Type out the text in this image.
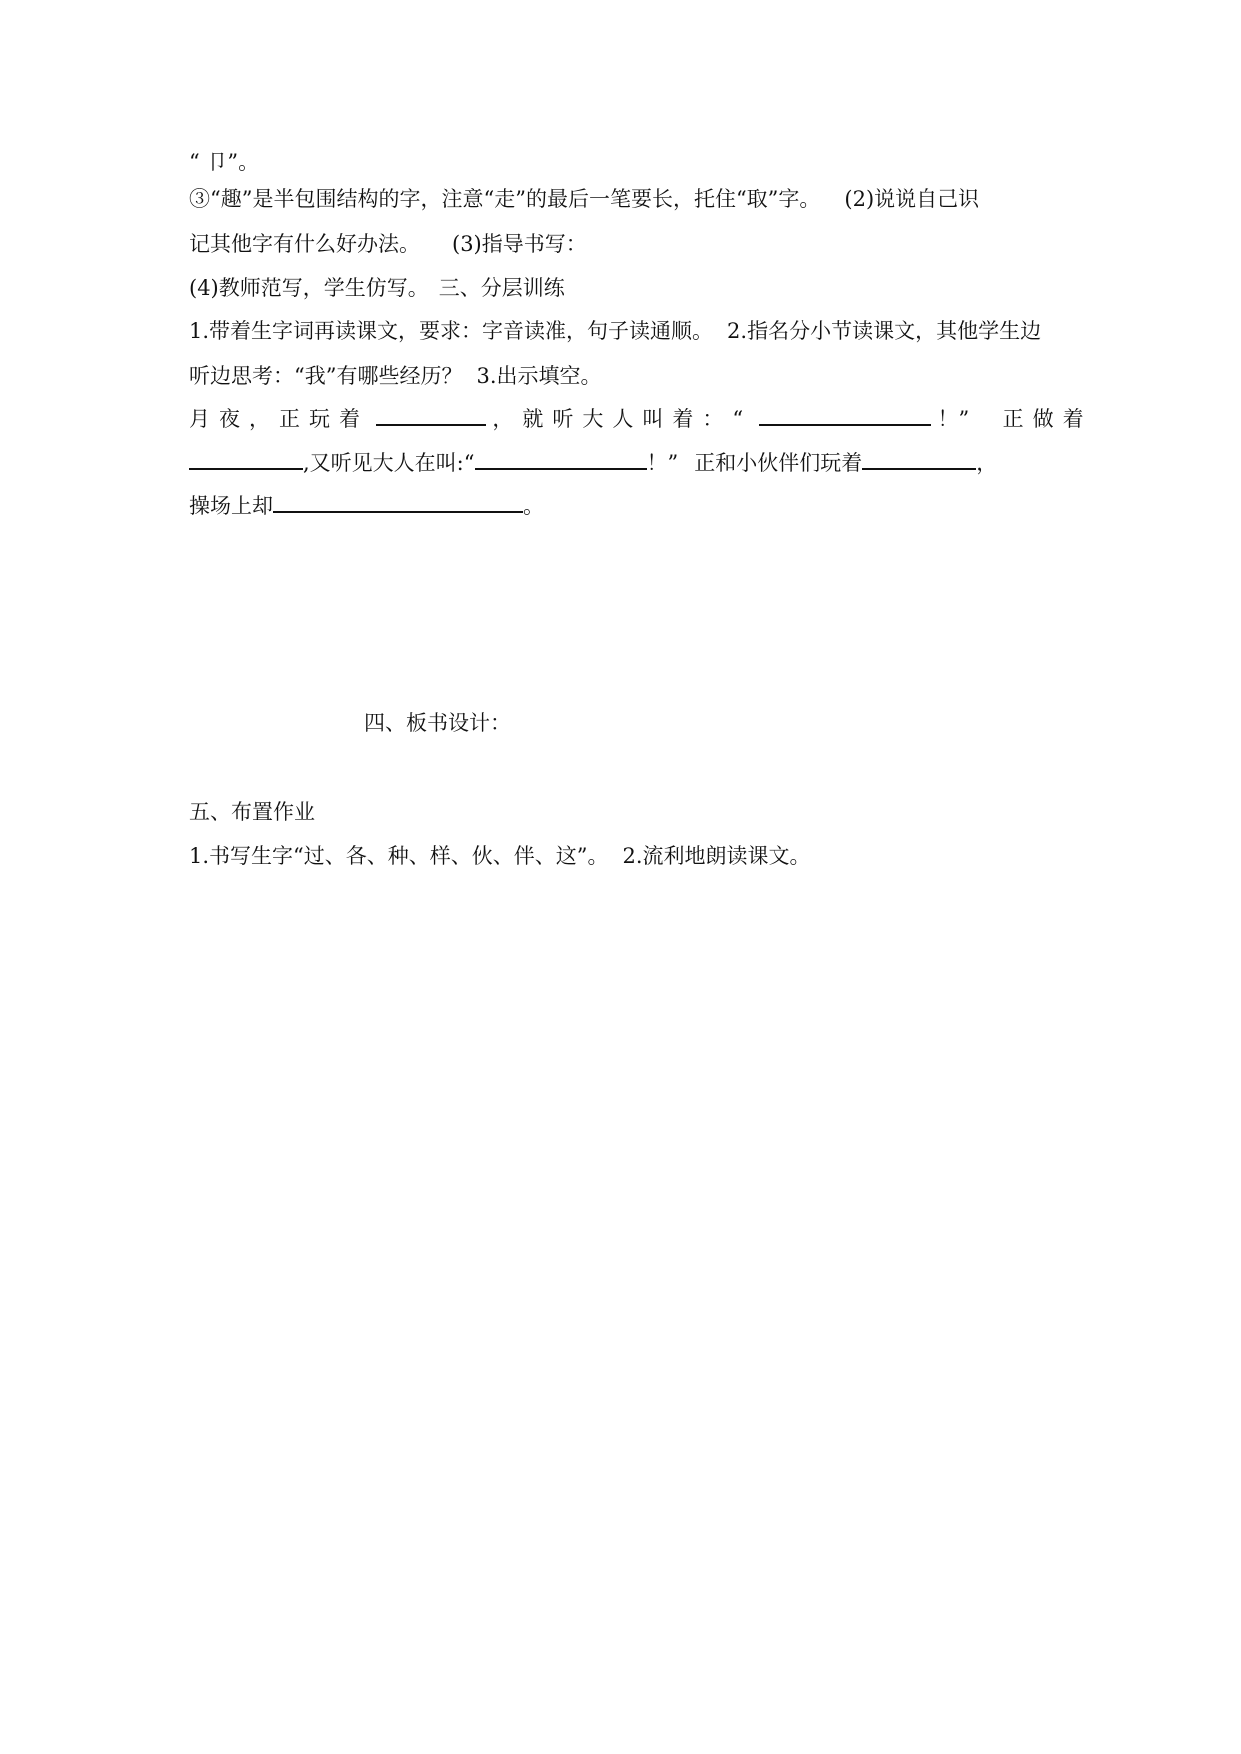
“ 卩”。
③“趣”是半包围结构的字，注意“走”的最后一笔要长，托住“取”字。 (2)说说自己识
记其他字有什么好办法。 (3)指导书写：
(4)教师范写，学生仿写。 三、分层训练
1.带着生字词再读课文，要求：字音读准，句子读通顺。 2.指名分小节读课文，其他学生边
听边思考：“我”有哪些经历？ 3.出示填空。
月夜，正玩着	，就听大人叫着：“	！” 正做着
,又听见大人在叫:“	！” 正和小伙伴们玩着	，
操场上却	。
四、板书设计：
五、布置作业
1.书写生字“过、各、种、样、伙、伴、这”。 2.流利地朗读课文。
